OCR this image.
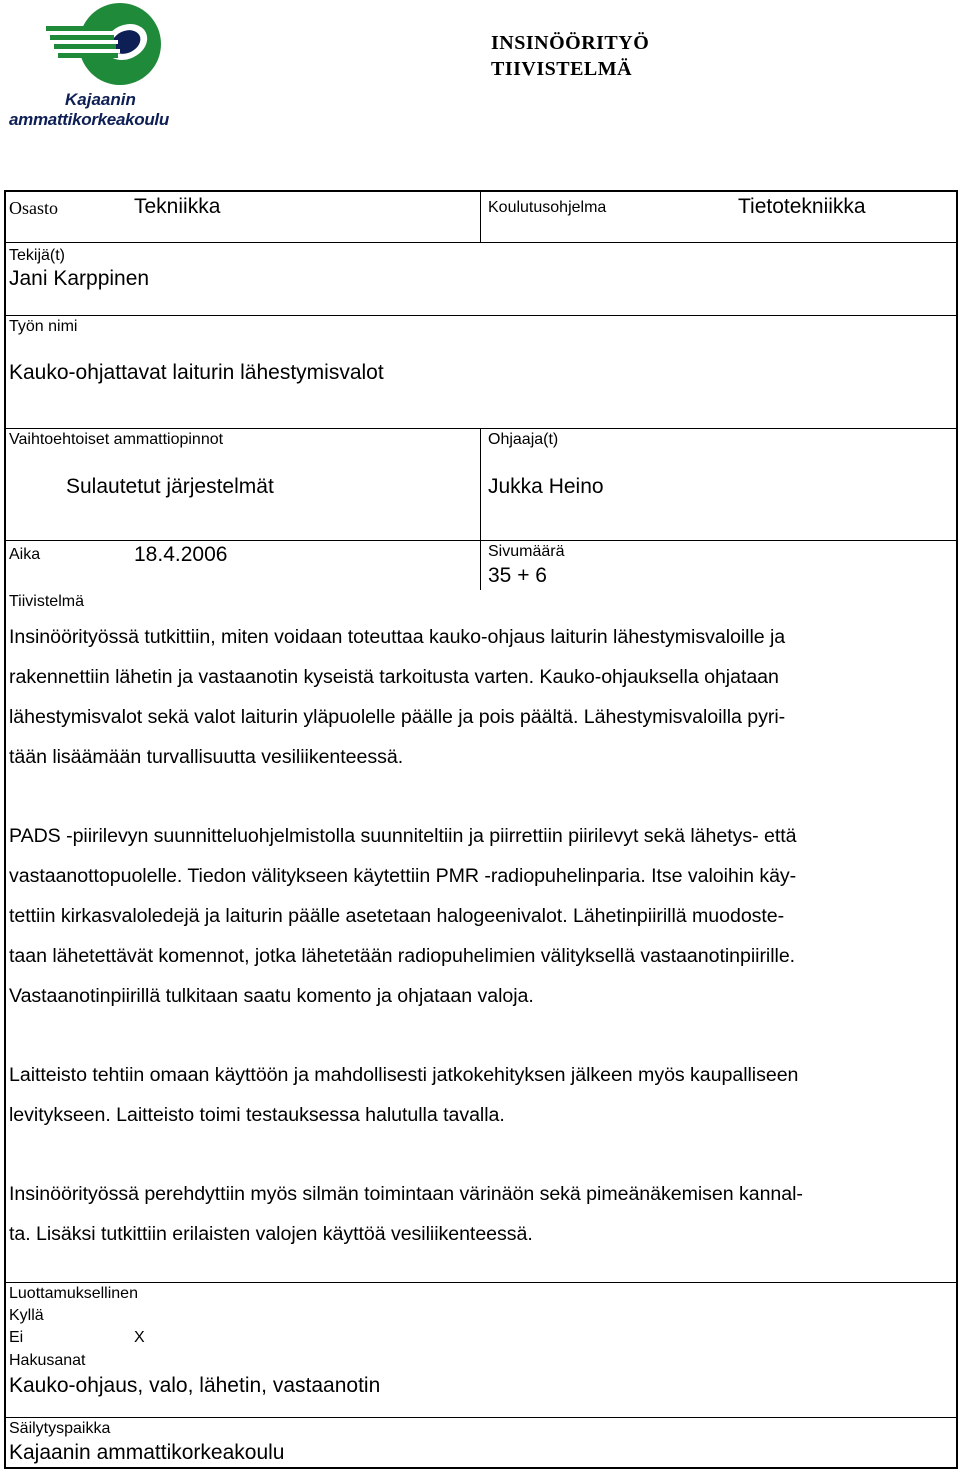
Kajaanin
ammattikorkeakoulu
INSINÖÖRITYÖ
TIIVISTELMÄ
Osasto	Tekniikka	Koulutusohjelma	Tietotekniikka
Tekijä(t)
Jani Karppinen
Työn nimi
Kauko-ohjattavat laiturin lähestymisvalot
Vaihtoehtoiset ammattiopinnot
Sulautetut järjestelmät
Ohjaaja(t)
Jukka Heino
Aika	18.4.2006	Sivumäärä
35 + 6
Tiivistelmä

Insinöörityössä tutkittiin, miten voidaan toteuttaa kauko-ohjaus laiturin lähestymisvaloille ja
rakennettiin lähetin ja vastaanotin kyseistä tarkoitusta varten. Kauko-ohjauksella ohjataan
lähestymisvalot sekä valot laiturin yläpuolelle päälle ja pois päältä. Lähestymisvaloilla pyri-
tään lisäämään turvallisuutta vesiliikenteessä.

PADS -piirilevyn suunnitteluohjelmistolla suunniteltiin ja piirrettiin piirilevyt sekä lähetys- että
vastaanottopuolelle. Tiedon välitykseen käytettiin PMR -radiopuhelinparia. Itse valoihin käy-
tettiin kirkasvaloledejä ja laiturin päälle asetetaan halogeenivalot. Lähetinpiirillä muodoste-
taan lähetettävät komennot, jotka lähetetään radiopuhelimien välityksellä vastaanotinpiirille.
Vastaanotinpiirillä tulkitaan saatu komento ja ohjataan valoja.

Laitteisto tehtiin omaan käyttöön ja mahdollisesti jatkokehityksen jälkeen myös kaupalliseen
levitykseen. Laitteisto toimi testauksessa halutulla tavalla.

Insinöörityössä perehdyttiin myös silmän toimintaan värinäön sekä pimeänäkemisen kannal-
ta. Lisäksi tutkittiin erilaisten valojen käyttöä vesiliikenteessä.

Luottamuksellinen
Kyllä
Ei	X
Hakusanat
Kauko-ohjaus, valo, lähetin, vastaanotin
Säilytyspaikka
Kajaanin ammattikorkeakoulu
